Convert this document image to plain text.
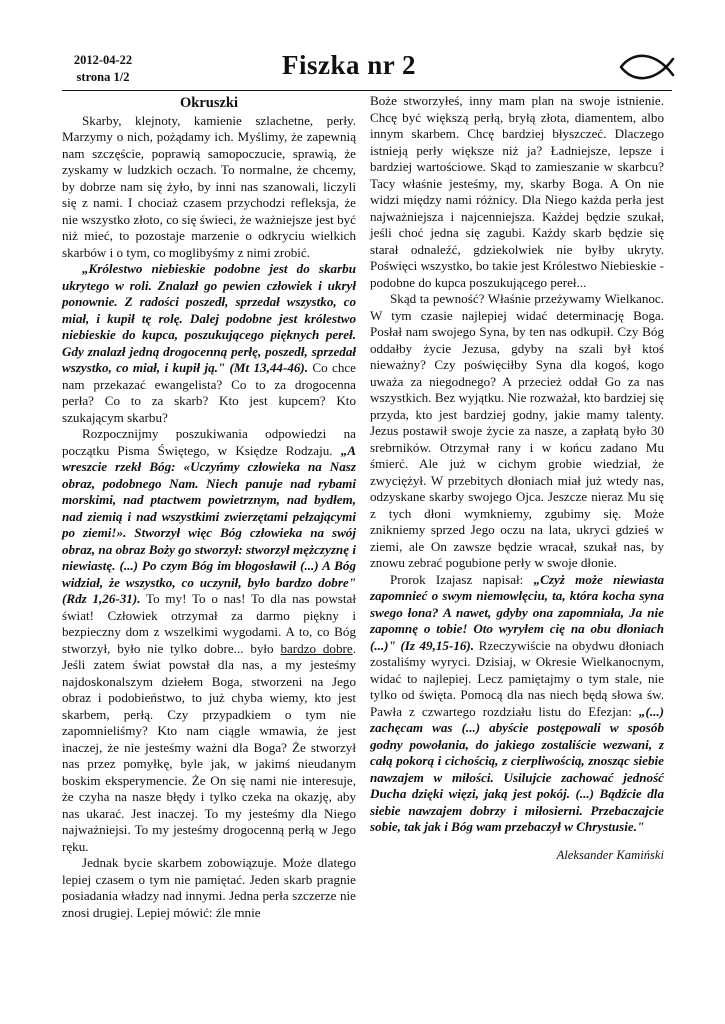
2012-04-22
strona 1/2	Fiszka nr 2
Okruszki

Skarby, klejnoty, kamienie szlachetne, perły. Marzymy o nich, pożądamy ich. Myślimy, że zapewnią nam szczęście, poprawią samopoczucie, sprawią, że zyskamy w ludzkich oczach. To normalne, że chcemy, by dobrze nam się żyło, by inni nas szanowali, liczyli się z nami. I chociaż czasem przychodzi refleksja, że nie wszystko złoto, co się świeci, że ważniejsze jest być niż mieć, to pozostaje marzenie o odkryciu wielkich skarbów i o tym, co moglibyśmy z nimi zrobić.

„Królestwo niebieskie podobne jest do skarbu ukrytego w roli. Znalazł go pewien człowiek i ukrył ponownie. Z radości poszedł, sprzedał wszystko, co miał, i kupił tę rolę. Dalej podobne jest królestwo niebieskie do kupca, poszukującego pięknych pereł. Gdy znalazł jedną drogocenną perłę, poszedł, sprzedał wszystko, co miał, i kupił ją." (Mt 13,44-46). Co chce nam przekazać ewangelista? Co to za drogocenna perła? Co to za skarb? Kto jest kupcem? Kto szukającym skarbu?

Rozpocznijmy poszukiwania odpowiedzi na początku Pisma Świętego, w Księdze Rodzaju. „A wreszcie rzekł Bóg: «Uczyńmy człowieka na Nasz obraz, podobnego Nam. Niech panuje nad rybami morskimi, nad ptactwem powietrznym, nad bydłem, nad ziemią i nad wszystkimi zwierzętami pełzającymi po ziemi!». Stworzył więc Bóg człowieka na swój obraz, na obraz Boży go stworzył: stworzył mężczyznę i niewiastę. (...) Po czym Bóg im błogosławił (...) A Bóg widział, że wszystko, co uczynił, było bardzo dobre" (Rdz 1,26-31). To my! To o nas! To dla nas powstał świat! Człowiek otrzymał za darmo piękny i bezpieczny dom z wszelkimi wygodami. A to, co Bóg stworzył, było nie tylko dobre... było bardzo dobre. Jeśli zatem świat powstał dla nas, a my jesteśmy najdoskonalszym dziełem Boga, stworzeni na Jego obraz i podobieństwo, to już chyba wiemy, kto jest skarbem, perłą. Czy przypadkiem o tym nie zapomnieliśmy? Kto nam ciągle wmawia, że jest inaczej, że nie jesteśmy ważni dla Boga? Że stworzył nas przez pomyłkę, byle jak, w jakimś nieudanym boskim eksperymencie. Że On się nami nie interesuje, że czyha na nasze błędy i tylko czeka na okazję, aby nas ukarać. Jest inaczej. To my jesteśmy dla Niego najważniejsi. To my jesteśmy drogocenną perłą w Jego ręku.

Jednak bycie skarbem zobowiązuje. Może dlatego lepiej czasem o tym nie pamiętać. Jeden skarb pragnie posiadania władzy nad innymi. Jedna perła szczerze nie znosi drugiej. Lepiej mówić: źle mnie

Boże stworzyłeś, inny mam plan na swoje istnienie. Chcę być większą perłą, bryłą złota, diamentem, albo innym skarbem. Chcę bardziej błyszczeć. Dlaczego istnieją perły większe niż ja? Ładniejsze, lepsze i bardziej wartościowe. Skąd to zamieszanie w skarbcu? Tacy właśnie jesteśmy, my, skarby Boga. A On nie widzi między nami różnicy. Dla Niego każda perła jest najważniejsza i najcenniejsza. Każdej będzie szukał, jeśli choć jedna się zagubi. Każdy skarb będzie się starał odnaleźć, gdziekolwiek nie byłby ukryty. Poświęci wszystko, bo takie jest Królestwo Niebieskie - podobne do kupca poszukującego pereł...

Skąd ta pewność? Właśnie przeżywamy Wielkanoc. W tym czasie najlepiej widać determinację Boga. Posłał nam swojego Syna, by ten nas odkupił. Czy Bóg oddałby życie Jezusa, gdyby na szali był ktoś nieważny? Czy poświęciłby Syna dla kogoś, kogo uważa za niegodnego? A przecież oddał Go za nas wszystkich. Bez wyjątku. Nie rozważał, kto bardziej się przyda, kto jest bardziej godny, jakie mamy talenty. Jezus postawił swoje życie za nasze, a zapłatą było 30 srebrników. Otrzymał rany i w końcu zadano Mu śmierć. Ale już w cichym grobie wiedział, że zwyciężył. W przebitych dłoniach miał już wtedy nas, odzyskane skarby swojego Ojca. Jeszcze nieraz Mu się z tych dłoni wymkniemy, zgubimy się. Może znikniemy sprzed Jego oczu na lata, ukryci gdzieś w ziemi, ale On zawsze będzie wracał, szukał nas, by znowu zebrać pogubione perły w swoje dłonie.

Prorok Izajasz napisał: „Czyż może niewiasta zapomnieć o swym niemowlęciu, ta, która kocha syna swego łona? A nawet, gdyby ona zapomniała, Ja nie zapomnę o tobie! Oto wyryłem cię na obu dłoniach (...)" (Iz 49,15-16). Rzeczywiście na obydwu dłoniach zostaliśmy wyryci. Dzisiaj, w Okresie Wielkanocnym, widać to najlepiej. Lecz pamiętajmy o tym stale, nie tylko od święta. Pomocą dla nas niech będą słowa św. Pawła z czwartego rozdziału listu do Efezjan: „(...) zachęcam was (...) abyście postępowali w sposób godny powołania, do jakiego zostaliście wezwani, z całą pokorą i cichością, z cierpliwością, znosząc siebie nawzajem w miłości. Usilujcie zachować jedność Ducha dzięki więzi, jaką jest pokój. (...) Bądźcie dla siebie nawzajem dobrzy i miłosierni. Przebaczajcie sobie, tak jak i Bóg wam przebaczył w Chrystusie."

Aleksander Kamiński
